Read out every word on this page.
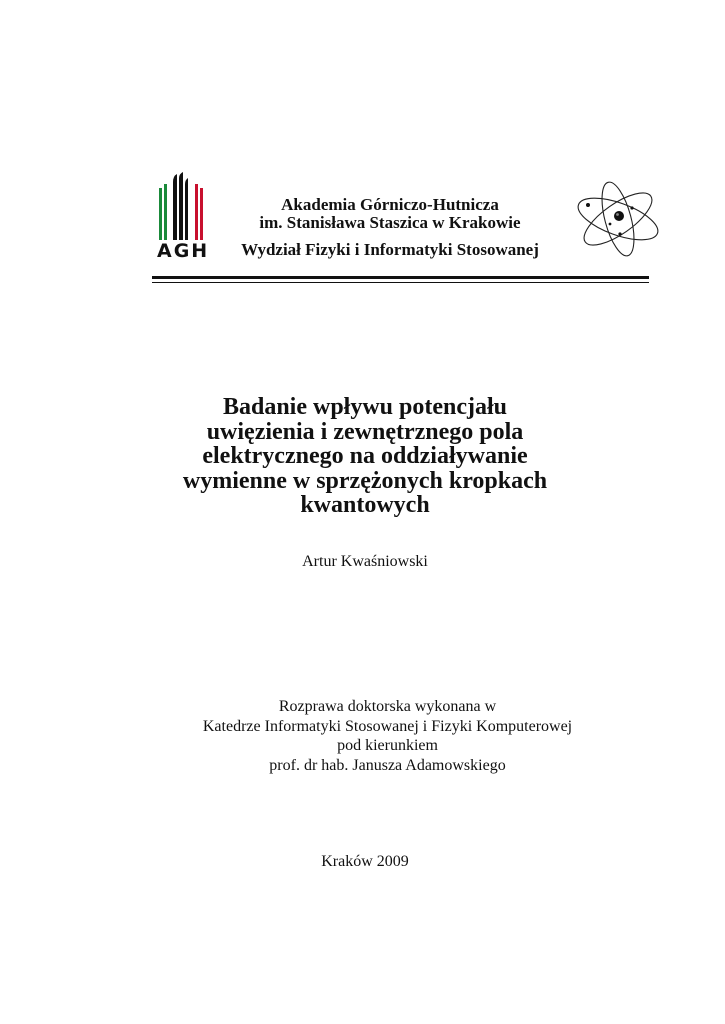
AGH
Akademia Górniczo-Hutnicza
im. Stanisława Staszica w Krakowie
Wydział Fizyki i Informatyki Stosowanej
Badanie wpływu potencjału
uwięzienia i zewnętrznego pola
elektrycznego na oddziaływanie
wymienne w sprzężonych kropkach
kwantowych
Artur Kwaśniowski
Rozprawa doktorska wykonana w
Katedrze Informatyki Stosowanej i Fizyki Komputerowej
pod kierunkiem
prof. dr hab. Janusza Adamowskiego
Kraków 2009
